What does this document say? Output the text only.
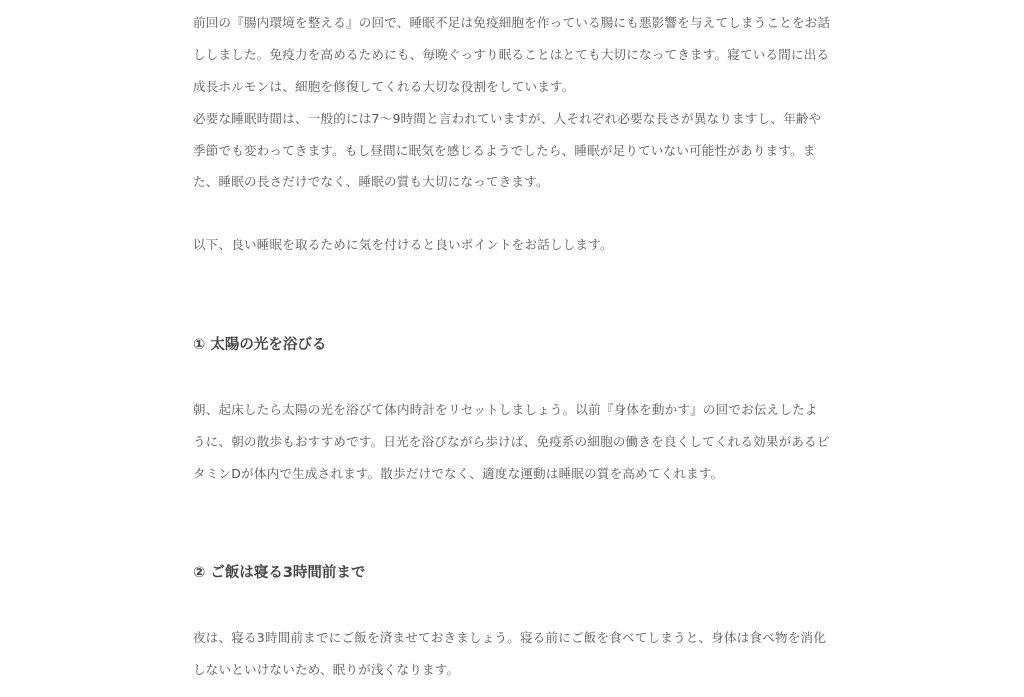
前回の『腸内環境を整える』の回で、睡眠不足は免疫細胞を作っている腸にも悪影響を与えてしまうことをお話
ししました。免疫力を高めるためにも、毎晩ぐっすり眠ることはとても大切になってきます。寝ている間に出る
成長ホルモンは、細胞を修復してくれる大切な役割をしています。
必要な睡眠時間は、一般的には7〜9時間と言われていますが、人それぞれ必要な長さが異なりますし、年齢や
季節でも変わってきます。もし昼間に眠気を感じるようでしたら、睡眠が足りていない可能性があります。ま
た、睡眠の長さだけでなく、睡眠の質も大切になってきます。
以下、良い睡眠を取るために気を付けると良いポイントをお話しします。
① 太陽の光を浴びる
朝、起床したら太陽の光を浴びて体内時計をリセットしましょう。以前『身体を動かす』の回でお伝えしたよ
うに、朝の散歩もおすすめです。日光を浴びながら歩けば、免疫系の細胞の働きを良くしてくれる効果があるビ
タミンDが体内で生成されます。散歩だけでなく、適度な運動は睡眠の質を高めてくれます。
② ご飯は寝る3時間前まで
夜は、寝る3時間前までにご飯を済ませておきましょう。寝る前にご飯を食べてしまうと、身体は食べ物を消化
しないといけないため、眠りが浅くなります。
